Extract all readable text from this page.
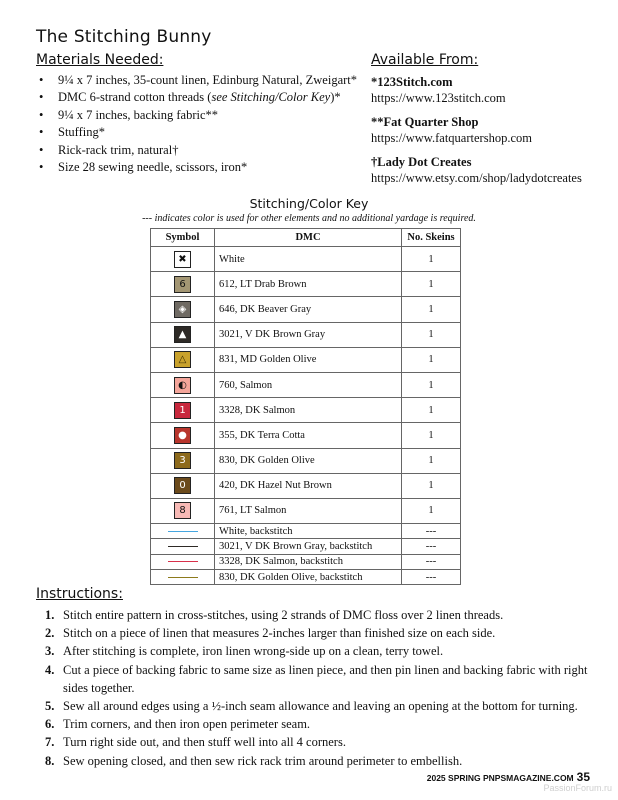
The Stitching Bunny
Materials Needed:
• 9¼ x 7 inches, 35-count linen, Edinburg Natural, Zweigart*
• DMC 6-strand cotton threads (see Stitching/Color Key)*
• 9¼ x 7 inches, backing fabric**
• Stuffing*
• Rick-rack trim, natural†
• Size 28 sewing needle, scissors, iron*
Available From:
*123Stitch.com
https://www.123stitch.com
**Fat Quarter Shop
https://www.fatquartershop.com
†Lady Dot Creates
https://www.etsy.com/shop/ladydotcreates
Stitching/Color Key
--- indicates color is used for other elements and no additional yardage is required.
Symbol	DMC	No. Skeins
✖	White	1
6	612, LT Drab Brown	1
◈	646, DK Beaver Gray	1
▲	3021, V DK Brown Gray	1
△	831, MD Golden Olive	1
◐	760, Salmon	1
1	3328, DK Salmon	1
●	355, DK Terra Cotta	1
3	830, DK Golden Olive	1
0	420, DK Hazel Nut Brown	1
8	761, LT Salmon	1
	White, backstitch	---
	3021, V DK Brown Gray, backstitch	---
	3328, DK Salmon, backstitch	---
	830, DK Golden Olive, backstitch	---
Instructions:
1. Stitch entire pattern in cross-stitches, using 2 strands of DMC floss over 2 linen threads.
2. Stitch on a piece of linen that measures 2-inches larger than finished size on each side.
3. After stitching is complete, iron linen wrong-side up on a clean, terry towel.
4. Cut a piece of backing fabric to same size as linen piece, and then pin linen and backing fabric with right sides together.
5. Sew all around edges using a ½-inch seam allowance and leaving an opening at the bottom for turning.
6. Trim corners, and then iron open perimeter seam.
7. Turn right side out, and then stuff well into all 4 corners.
8. Sew opening closed, and then sew rick rack trim around perimeter to embellish.
2025 SPRING PNPSMAGAZINE.COM 35
PassionForum.ru
